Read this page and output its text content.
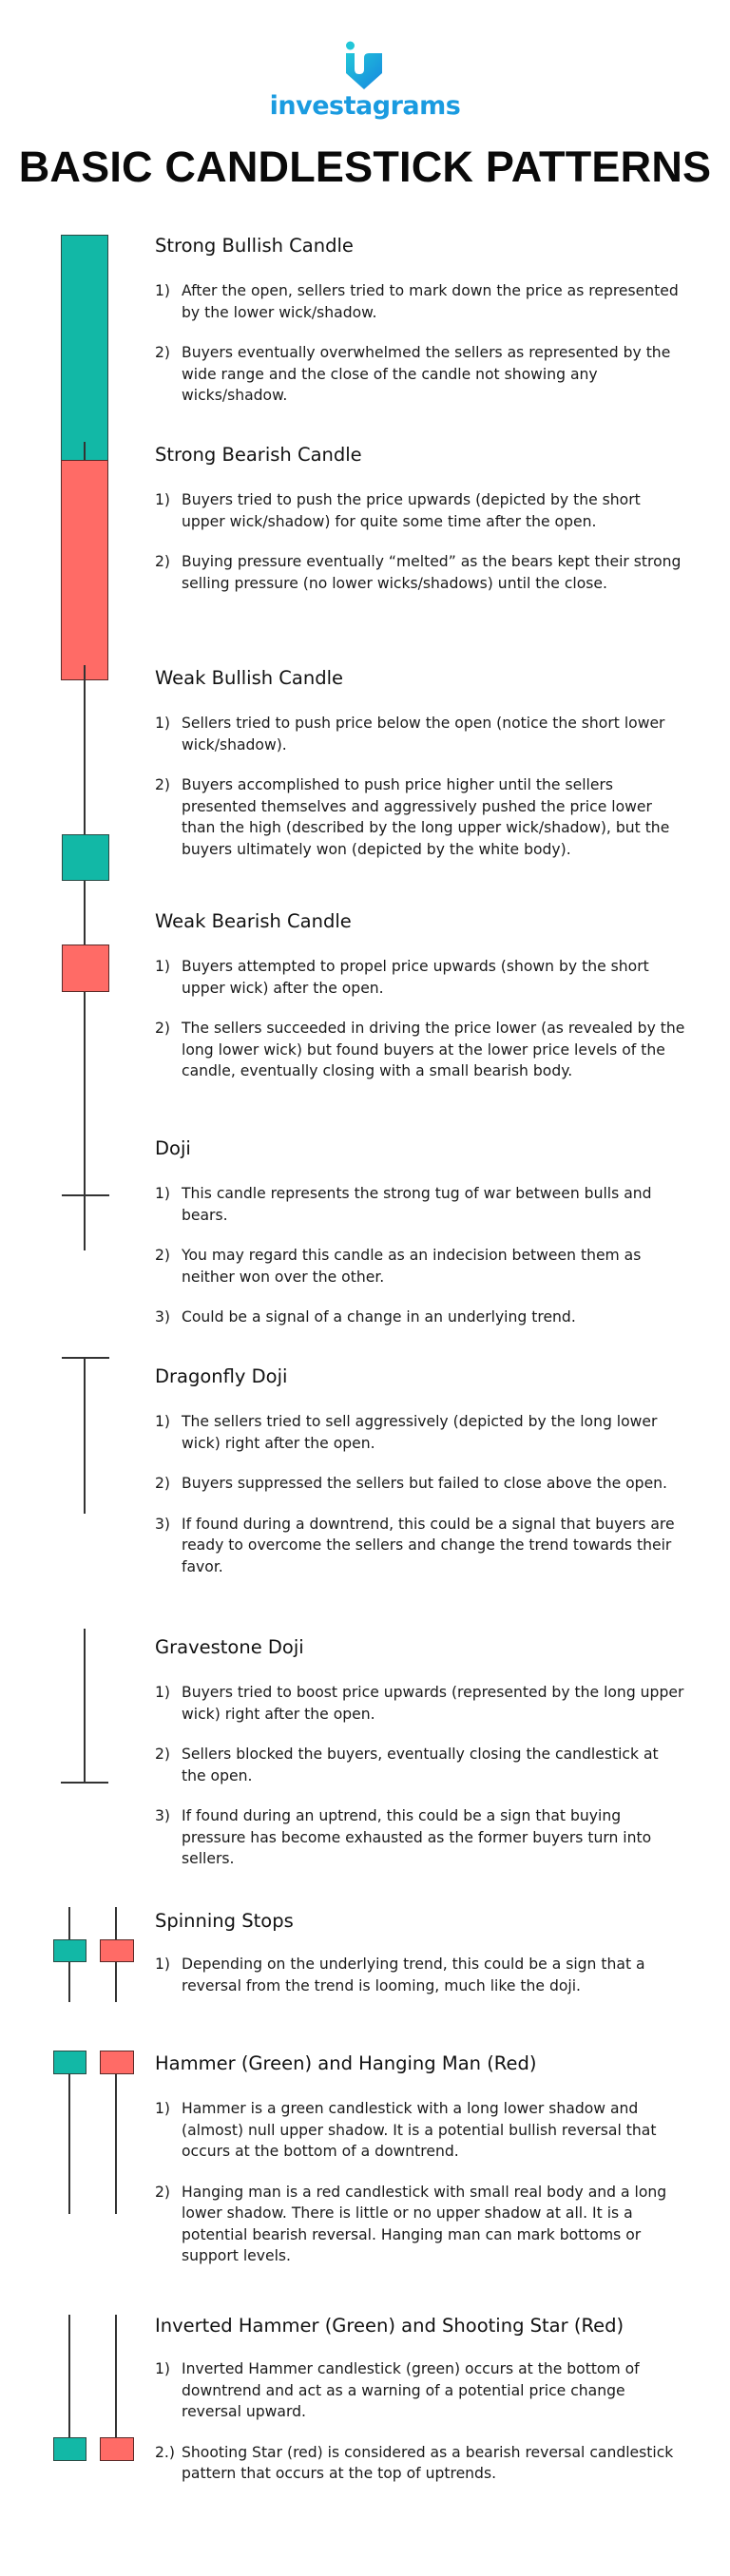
investagrams
BASIC CANDLESTICK PATTERNS
Strong Bullish Candle
1) After the open, sellers tried to mark down the price as represented by the lower wick/shadow.
2) Buyers eventually overwhelmed the sellers as represented by the wide range and the close of the candle not showing any wicks/shadow.
Strong Bearish Candle
1) Buyers tried to push the price upwards (depicted by the short upper wick/shadow) for quite some time after the open.
2) Buying pressure eventually “melted” as the bears kept their strong selling pressure (no lower wicks/shadows) until the close.
Weak Bullish Candle
1) Sellers tried to push price below the open (notice the short lower wick/shadow).
2) Buyers accomplished to push price higher until the sellers presented themselves and aggressively pushed the price lower than the high (described by the long upper wick/shadow), but the buyers ultimately won (depicted by the white body).
Weak Bearish Candle
1) Buyers attempted to propel price upwards (shown by the short upper wick) after the open.
2) The sellers succeeded in driving the price lower (as revealed by the long lower wick) but found buyers at the lower price levels of the candle, eventually closing with a small bearish body.
Doji
1) This candle represents the strong tug of war between bulls and bears.
2) You may regard this candle as an indecision between them as neither won over the other.
3) Could be a signal of a change in an underlying trend.
Dragonfly Doji
1) The sellers tried to sell aggressively (depicted by the long lower wick) right after the open.
2) Buyers suppressed the sellers but failed to close above the open.
3) If found during a downtrend, this could be a signal that buyers are ready to overcome the sellers and change the trend towards their favor.
Gravestone Doji
1) Buyers tried to boost price upwards (represented by the long upper wick) right after the open.
2) Sellers blocked the buyers, eventually closing the candlestick at the open.
3) If found during an uptrend, this could be a sign that buying pressure has become exhausted as the former buyers turn into sellers.
Spinning Stops
1) Depending on the underlying trend, this could be a sign that a reversal from the trend is looming, much like the doji.
Hammer (Green) and Hanging Man (Red)
1) Hammer is a green candlestick with a long lower shadow and (almost) null upper shadow. It is a potential bullish reversal that occurs at the bottom of a downtrend.
2) Hanging man is a red candlestick with small real body and a long lower shadow. There is little or no upper shadow at all. It is a potential bearish reversal. Hanging man can mark bottoms or support levels.
Inverted Hammer (Green) and Shooting Star (Red)
1) Inverted Hammer candlestick (green) occurs at the bottom of downtrend and act as a warning of a potential price change reversal upward.
2.) Shooting Star (red) is considered as a bearish reversal candlestick pattern that occurs at the top of uptrends.
